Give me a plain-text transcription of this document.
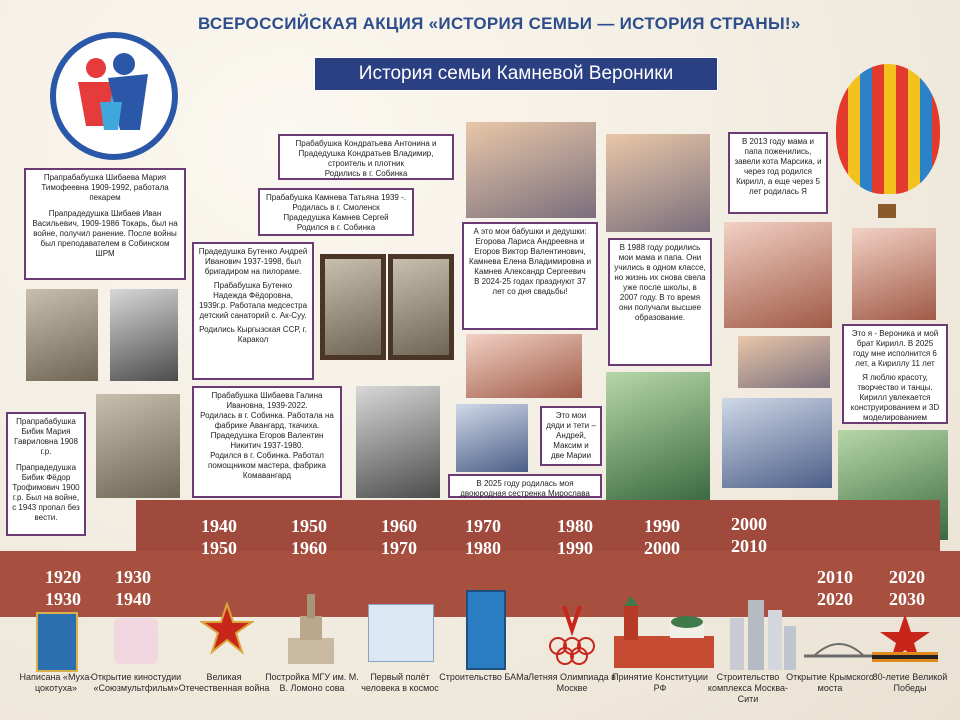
ВСЕРОССИЙСКАЯ АКЦИЯ «ИСТОРИЯ СЕМЬИ — ИСТОРИЯ СТРАНЫ!»
История семьи Камневой Вероники
Прапрабабушка Шибаева Мария Тимофеевна 1909-1992, работала пекарем
Прапрадедушка Шибаев Иван Васильевич, 1909-1986 Токарь, был на войне, получил ранение. После войны был преподавателем в Собинском ШРМ
Прапрабабушка Бибик Мария Гавриловна 1908 г.р.
Прапрадедушка Бибик Фёдор Трофимович 1900 г.р. Был на войне, с 1943 пропал без вести.
Прабабушка Кондратьева Антонина и Прадедушка Кондратьев Владимир, строитель и плотник
Родились в г. Собинка
Прабабушка Камнева Татьяна 1939 -. Родилась в г. Смоленск
Прадедушка Камнев Сергей
Родился в г. Собинка
Прадедушка Бутенко Андрей Иванович 1937-1998, был бригадиром на пилораме.
Прабабушка Бутенко Надежда Фёдоровна, 1939г.р. Работала медсестра детский санаторий с. Ак-Суу.
Родились Кыргызская ССР, г. Каракол
Прабабушка Шибаева Галина Ивановна, 1939-2022.
Родилась в г. Собинка. Работала на фабрике Авангард, ткачиха.
Прадедушка Егоров Валентин Никитич 1937-1980.
Родился в г. Собинка. Работал помощником мастера, фабрика Комавангард
А это мои бабушки и дедушки:
Егорова Лариса Андреевна и Егоров Виктор Валентинович, Камнева Елена Владимировна и Камнев Александр Сергеевич
В 2024-25 годах празднуют 37 лет со дня свадьбы!
Это мои дяди и тети – Андрей, Максим и две Марии
В 2025 году родилась моя двоюродная сестренка Мирослава
В 1988 году родились мои мама и папа. Они учились в одном классе, но жизнь их снова свела уже после школы, в 2007 году. В то время они получали высшее образование.
В 2013 году мама и папа поженились, завели кота Марсика, и через год родился Кирилл, а еще через 5 лет родилась Я
Это я - Вероника и мой брат Кирилл. В 2025 году мне исполнится 6 лет, а Кириллу 11 лет
Я люблю красоту, творчество и танцы. Кирилл увлекается конструированием и 3D моделированием
1940
1950
1950
1960
1960
1970
1970
1980
1980
1990
1990
2000
2000
2010
1920
1930
1930
1940
2010
2020
2020
2030
Написана «Муха-цокотуха»
Открытие киностудии «Союзмультфильм»
Великая Отечественная война
Постройка МГУ им. М. В. Ломоно сова
Первый полёт человека в космос
Строительство БАМа Летняя Олимпиада в Москве
Принятие Конституции РФ
Строительство комплекса Москва-Сити
Открытие Крымского моста
80-летие Великой Победы
